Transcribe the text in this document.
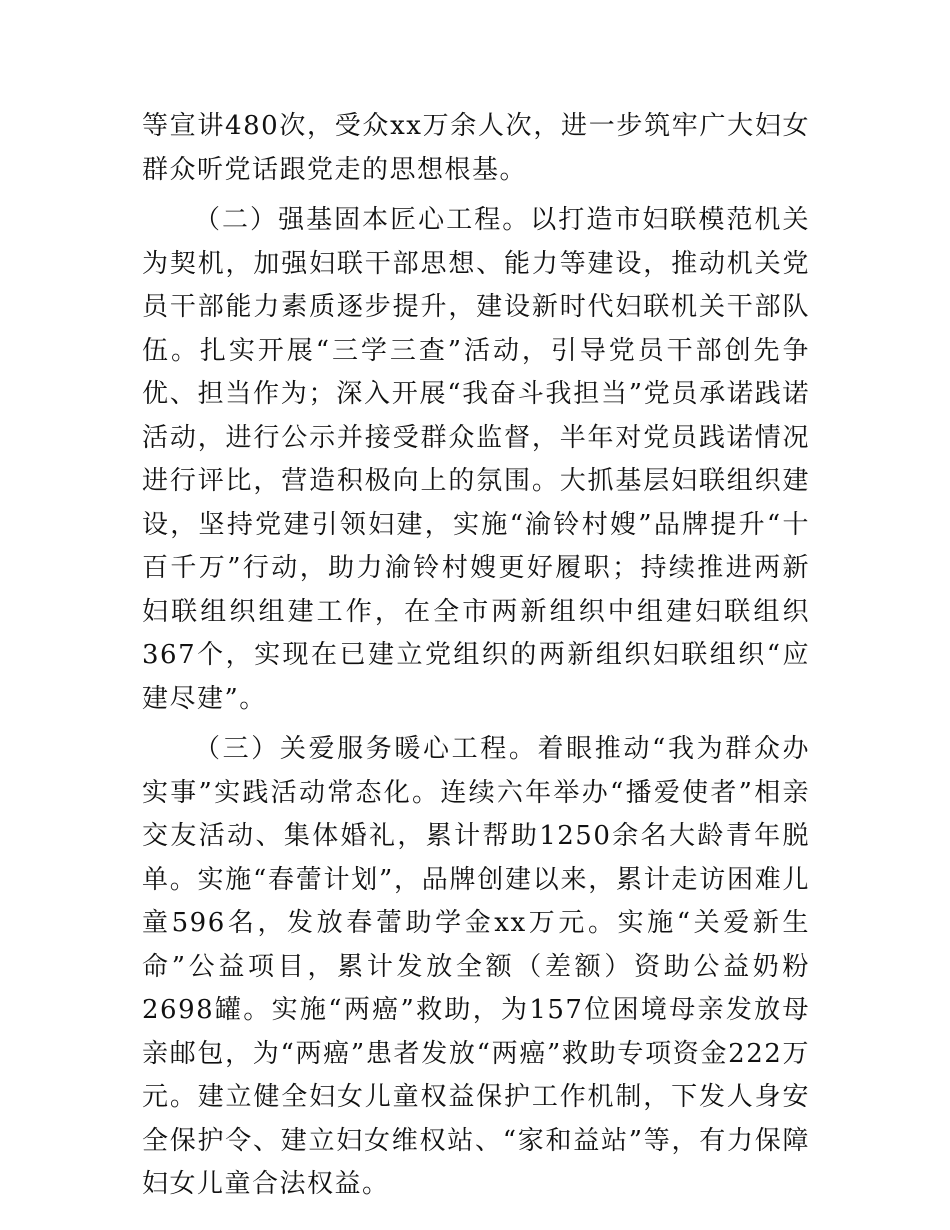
等宣讲480次，受众xx万余人次，进一步筑牢广大妇女群众听党话跟党走的思想根基。

（二）强基固本匠心工程。以打造市妇联模范机关为契机，加强妇联干部思想、能力等建设，推动机关党员干部能力素质逐步提升，建设新时代妇联机关干部队伍。扎实开展“三学三查”活动，引导党员干部创先争优、担当作为；深入开展“我奋斗我担当”党员承诺践诺活动，进行公示并接受群众监督，半年对党员践诺情况进行评比，营造积极向上的氛围。大抓基层妇联组织建设，坚持党建引领妇建，实施“渝铃村嫂”品牌提升“十百千万”行动，助力渝铃村嫂更好履职；持续推进两新妇联组织组建工作，在全市两新组织中组建妇联组织367个，实现在已建立党组织的两新组织妇联组织“应建尽建”。

（三）关爱服务暖心工程。着眼推动“我为群众办实事”实践活动常态化。连续六年举办“播爱使者”相亲交友活动、集体婚礼，累计帮助1250余名大龄青年脱单。实施“春蕾计划”，品牌创建以来，累计走访困难儿童596名，发放春蕾助学金xx万元。实施“关爱新生命”公益项目，累计发放全额（差额）资助公益奶粉2698罐。实施“两癌”救助，为157位困境母亲发放母亲邮包，为“两癌”患者发放“两癌”救助专项资金222万元。建立健全妇女儿童权益保护工作机制，下发人身安全保护令、建立妇女维权站、“家和益站”等，有力保障妇女儿童合法权益。
